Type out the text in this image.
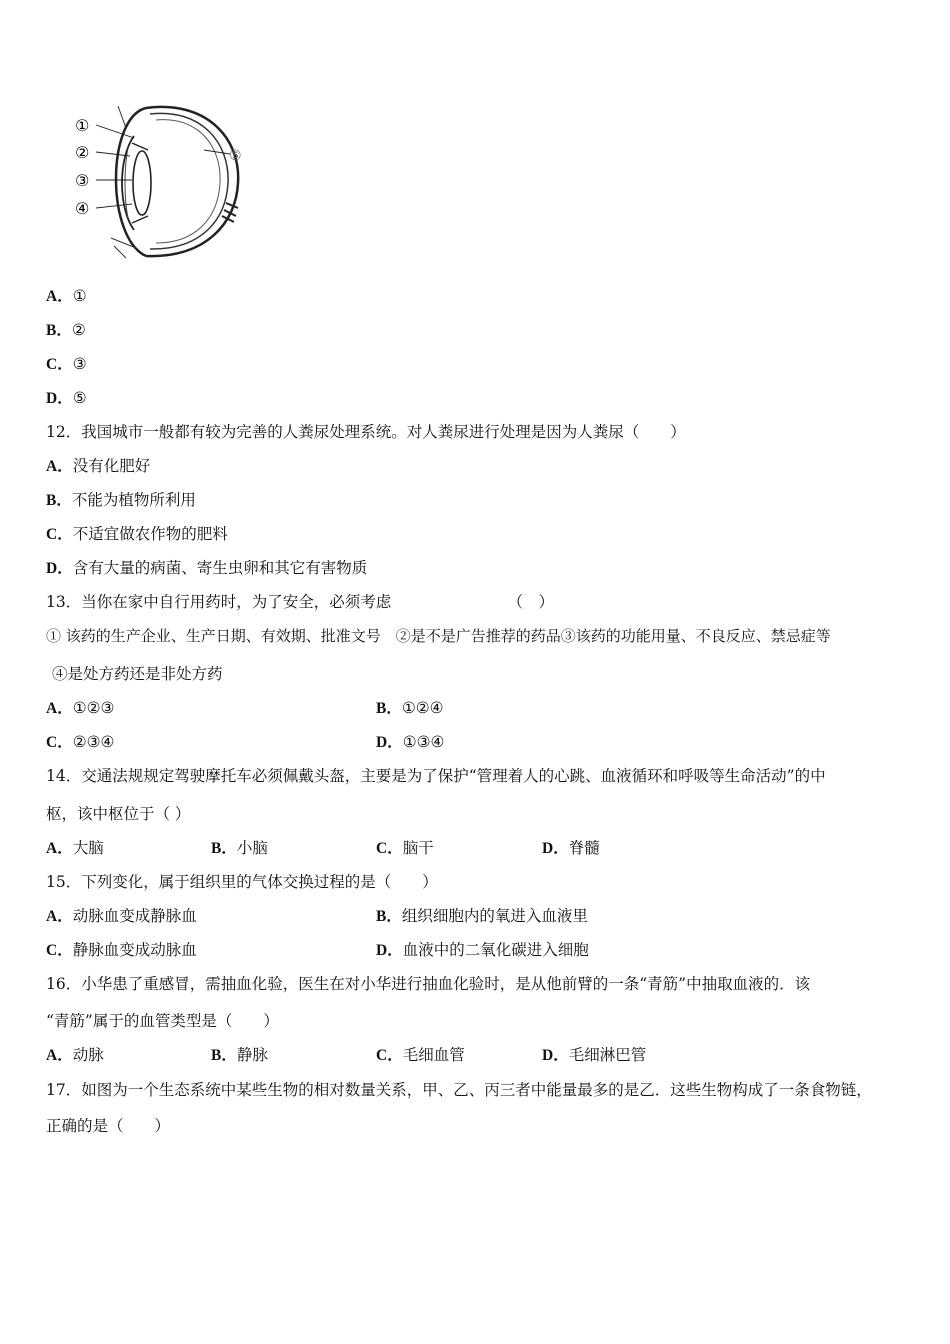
①
②
③
④
⑤
A．①
B．②
C．③
D．⑤
12．我国城市一般都有较为完善的人粪尿处理系统。对人粪尿进行处理是因为人粪尿（　　）
A．没有化肥好
B．不能为植物所利用
C．不适宜做农作物的肥料
D．含有大量的病菌、寄生虫卵和其它有害物质
13．当你在家中自行用药时，为了安全，必须考虑　　　　　　　　（　）
① 该药的生产企业、生产日期、有效期、批准文号　②是不是广告推荐的药品③该药的功能用量、不良反应、禁忌症等
④是处方药还是非处方药
A．①②③	B．①②④
C．②③④	D．①③④
14．交通法规规定驾驶摩托车必须佩戴头盔，主要是为了保护“管理着人的心跳、血液循环和呼吸等生命活动”的中
枢，该中枢位于（ ）
A．大脑	B．小脑	C．脑干	D．脊髓
15．下列变化，属于组织里的气体交换过程的是（　　）
A．动脉血变成静脉血	B．组织细胞内的氧进入血液里
C．静脉血变成动脉血	D．血液中的二氧化碳进入细胞
16．小华患了重感冒，需抽血化验，医生在对小华进行抽血化验时，是从他前臂的一条“青筋”中抽取血液的．该
“青筋”属于的血管类型是（　　）
A．动脉	B．静脉	C．毛细血管	D．毛细淋巴管
17．如图为一个生态系统中某些生物的相对数量关系，甲、乙、丙三者中能量最多的是乙．这些生物构成了一条食物链，
正确的是（　　）
